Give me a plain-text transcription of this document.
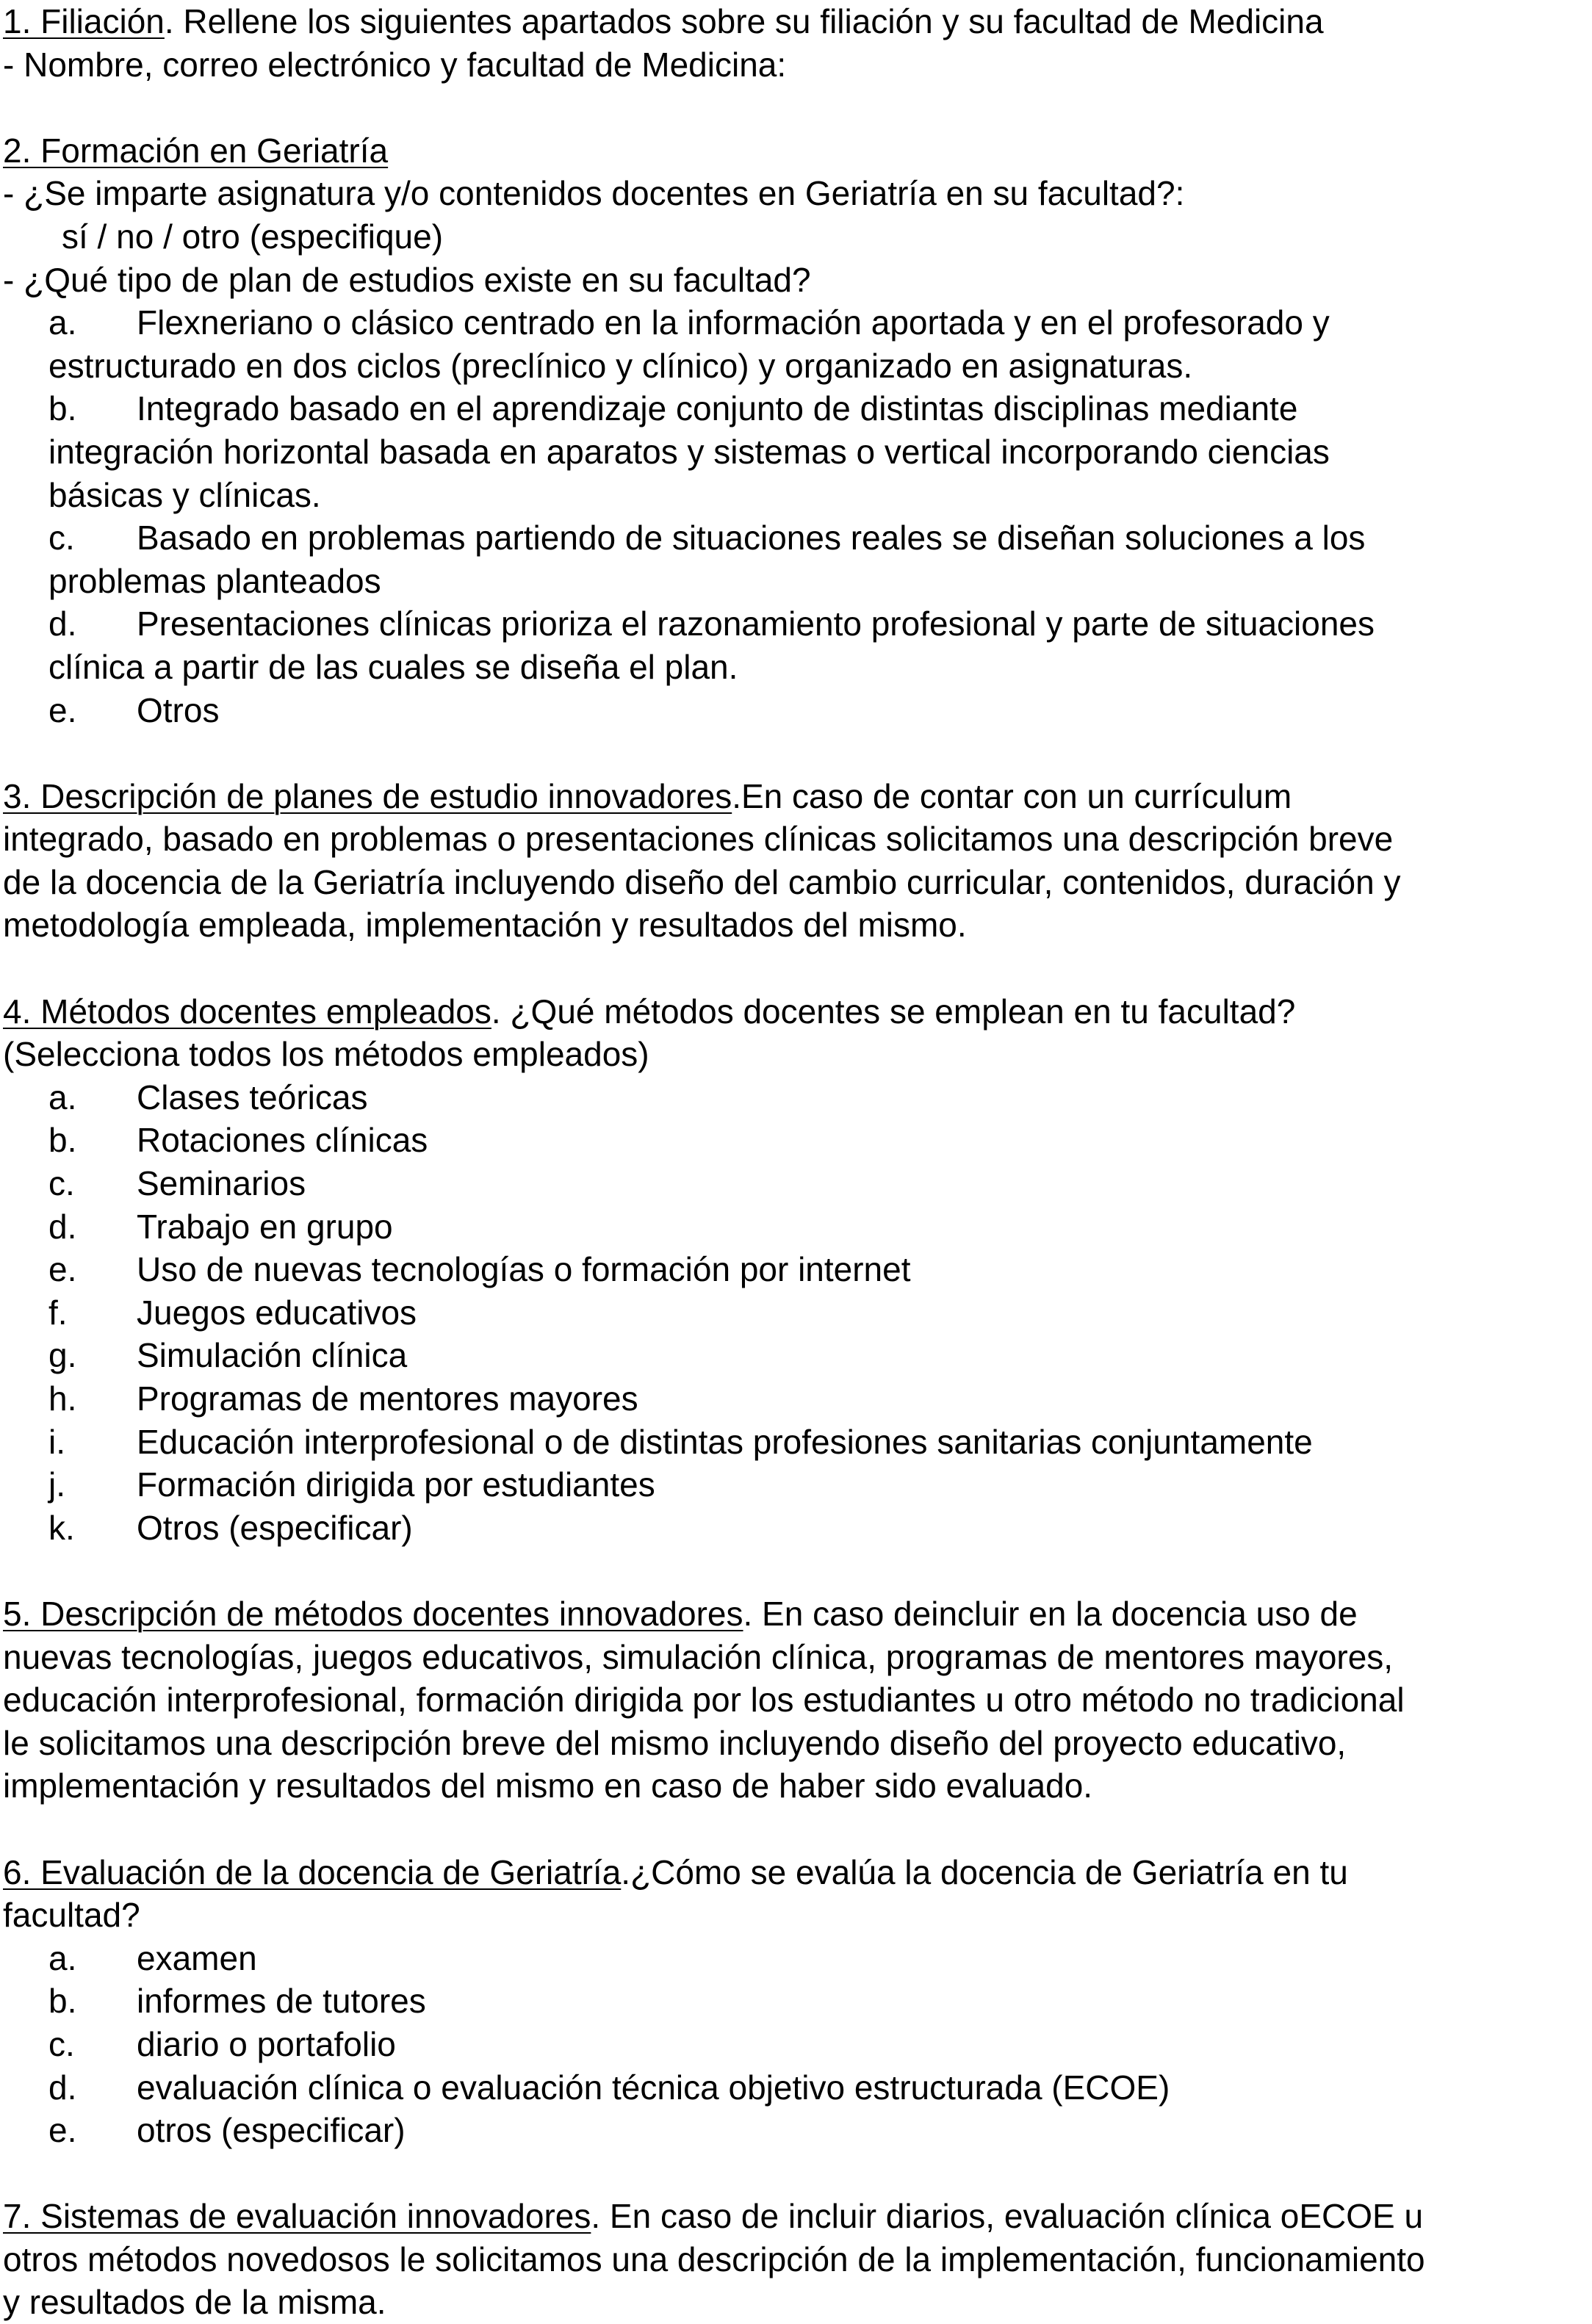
1. Filiación. Rellene los siguientes apartados sobre su filiación y su facultad de Medicina
- Nombre, correo electrónico y facultad de Medicina:
2. Formación en Geriatría
- ¿Se imparte asignatura y/o contenidos docentes en Geriatría en su facultad?:
sí / no / otro (especifique)
- ¿Qué tipo de plan de estudios existe en su facultad?
a. Flexneriano o clásico centrado en la información aportada y en el profesorado y
estructurado en dos ciclos (preclínico y clínico) y organizado en asignaturas.
b. Integrado basado en el aprendizaje conjunto de distintas disciplinas mediante
integración horizontal basada en aparatos y sistemas o vertical incorporando ciencias
básicas y clínicas.
c. Basado en problemas partiendo de situaciones reales se diseñan soluciones a los
problemas planteados
d. Presentaciones clínicas prioriza el razonamiento profesional y parte de situaciones
clínica a partir de las cuales se diseña el plan.
e. Otros
3. Descripción de planes de estudio innovadores.En caso de contar con un currículum
integrado, basado en problemas o presentaciones clínicas solicitamos una descripción breve
de la docencia de la Geriatría incluyendo diseño del cambio curricular, contenidos, duración y
metodología empleada, implementación y resultados del mismo.
4. Métodos docentes empleados. ¿Qué métodos docentes se emplean en tu facultad?
(Selecciona todos los métodos empleados)
a. Clases teóricas
b. Rotaciones clínicas
c. Seminarios
d. Trabajo en grupo
e. Uso de nuevas tecnologías o formación por internet
f. Juegos educativos
g. Simulación clínica
h. Programas de mentores mayores
i. Educación interprofesional o de distintas profesiones sanitarias conjuntamente
j. Formación dirigida por estudiantes
k. Otros (especificar)
5. Descripción de métodos docentes innovadores. En caso deincluir en la docencia uso de
nuevas tecnologías, juegos educativos, simulación clínica, programas de mentores mayores,
educación interprofesional, formación dirigida por los estudiantes u otro método no tradicional
le solicitamos una descripción breve del mismo incluyendo diseño del proyecto educativo,
implementación y resultados del mismo en caso de haber sido evaluado.
6. Evaluación de la docencia de Geriatría.¿Cómo se evalúa la docencia de Geriatría en tu
facultad?
a. examen
b. informes de tutores
c. diario o portafolio
d. evaluación clínica o evaluación técnica objetivo estructurada (ECOE)
e. otros (especificar)
7. Sistemas de evaluación innovadores. En caso de incluir diarios, evaluación clínica oECOE u
otros métodos novedosos le solicitamos una descripción de la implementación, funcionamiento
y resultados de la misma.
